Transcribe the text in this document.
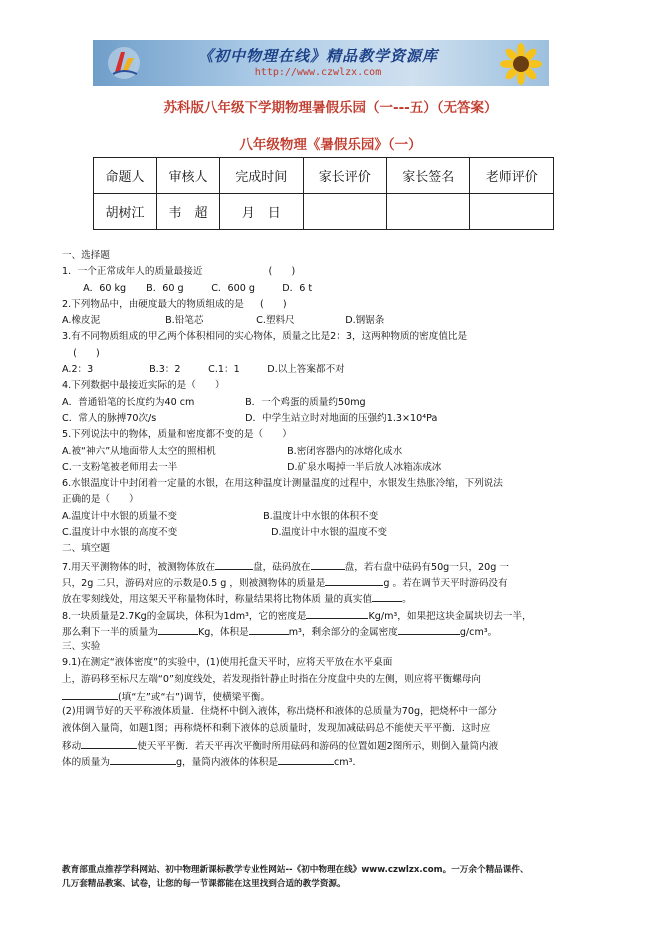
《初中物理在线》精品教学资源库
http://www.czwlzx.com
苏科版八年级下学期物理暑假乐园（一---五）（无答案）
八年级物理《暑假乐园》（一）
命题人	审核人	完成时间	家长评价	家长签名	老师评价
胡树江	韦　超	月　日			
一、选择题
1．一个正常成年人的质量最接近	(　　)
A．60 kg B．60 g	C．600 g	D．6 t
2.下列物品中，由硬度最大的物质组成的是 (　　)
A.橡皮泥	B.铅笔芯	C.塑料尺	D.钢锯条
3.有不同物质组成的甲乙两个体积相同的实心物体，质量之比是2：3，这两种物质的密度值比是
(　　)
A.2：3	B.3：2	C.1：1	D.以上答案都不对
4.下列数据中最接近实际的是（　　）
A．普通铅笔的长度约为40 cm	B．一个鸡蛋的质量约50mg
C．常人的脉搏70次/s	D．中学生站立时对地面的压强约1.3×10⁴Pa
5.下列说法中的物体，质量和密度都不变的是（　　）
A.被“神六”从地面带人太空的照相机	B.密闭容器内的冰熔化成水
C.一支粉笔被老师用去一半	D.矿泉水喝掉一半后放人冰箱冻成冰
6.水银温度计中封闭着一定量的水银，在用这种温度计测量温度的过程中，水银发生热胀冷缩，下列说法
正确的是（　　）
A.温度计中水银的质量不变	B.温度计中水银的体积不变
C.温度计中水银的高度不变	D.温度计中水银的温度不变
二、填空题
7.用天平测物体的时，被测物体放在	盘，砝码放在	盘，若右盘中砝码有50g一只，20g 一
只，2g 二只，游码对应的示数是0.5 g ，则被测物体的质量是	g 。若在调节天平时游码没有
放在零刻线处，用这架天平称量物体时，称量结果将比物体质 量的真实值	。
8.一块质量是2.7Kg的金属块，体积为1dm³，它的密度是	Kg/m³，如果把这块金属块切去一半，
那么剩下一半的质量为	Kg，体积是	m³，剩余部分的金属密度	g/cm³。
三、实验
9.1)在测定“液体密度”的实验中，(1)使用托盘天平时，应将天平放在水平桌面
上，游码移至标尺左端“0”刻度线处，若发现指针静止时指在分度盘中央的左侧，则应将平衡螺母向
(填“左”或“右”)调节，使横梁平衡。
(2)用调节好的天平称液体质量．住烧杯中倒入液体，称出烧杯和液体的总质量为70g，把烧杯中一部分
液体倒入量筒，如题1图；再称烧杯和剩下液体的总质量时，发现加减砝码总不能使天平平衡．这时应
移动	使天平平衡．若天平再次平衡时所用砝码和游码的位置如题2图所示，则倒入量筒内液
体的质量为	g，量筒内液体的体积是	cm³．
教育部重点推荐学科网站、初中物理新课标教学专业性网站--《初中物理在线》www.czwlzx.com。一万余个精品课件、
几万套精品教案、试卷，让您的每一节课都能在这里找到合适的教学资源。
